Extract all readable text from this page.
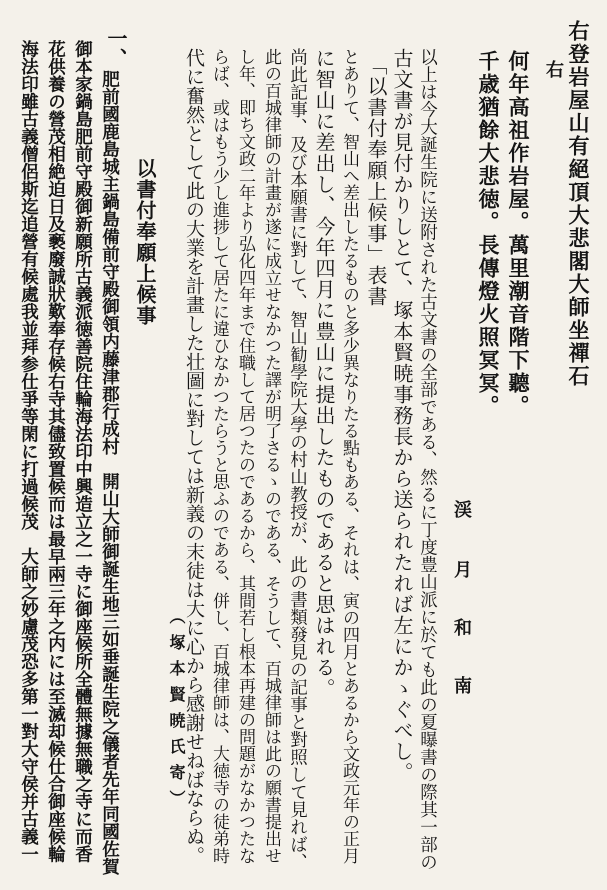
右登岩屋山有絕頂大悲閣大師坐禪石
右
何年高祖作岩屋。萬里潮音階下聽。
千歳猶餘大悲徳。長傳燈火照冥冥。
渓
月
和
南
以上は今大誕生院に送附された古文書の全部である、然るに丁度豊山派に於ても此の夏曝書の際其一部の
古文書が見付かりしとて、塚本賢暁事務長から送られたれば左にかゝぐべし。
「以書付奉願上候事」表書
とありて、智山へ差出したるものと多少異なりたる點もある、それは、寅の四月とあるから文政元年の正月
に智山に差出し、今年四月に豊山に提出したものであると思はれる。
尚此記事、及び本願書に對して、智山勧學院大學の村山教授が、此の書類發見の記事と對照して見れば、
此の百城律師の計畫が遂に成立せなかつた譯が明了さるゝのである、そうして、百城律師は此の願書提出せ
し年、即ち文政二年より弘化四年まで住職して居つたのであるから、其間若し根本再建の問題がなかつたな
らば、或はもう少し進捗して居たに違ひなかつたらうと思ふのである、併し、百城律師は、大徳寺の徒弟時
代に奮然として此の大業を計畫した壮圖に對しては新義の末徒は大に心から感謝せねばならぬ。
（塚本賢暁氏寄）
以書付奉願上候事
一、
肥前國鹿島城主鍋島備前守殿御領内藤津郡行成村　開山大師御誕生地三如垂誕生院之儀者先年同國佐賀
御本家鍋島肥前守殿御新願所古義派徳善院住輪海法印中興造立之一寺に御座候所全體無據無職之寺に而香
花供養の營茂相絶迫日及褻廢誠狀歎奉存候右寺其儘致置候而は最早兩三年之内には至滅却候仕合御座候輪
海法印雖古義僧侶斯迄追營有候處我並拜参仕爭等閑に打過候茂　大師之妙慮茂恐多第一對大守侯并古義一
